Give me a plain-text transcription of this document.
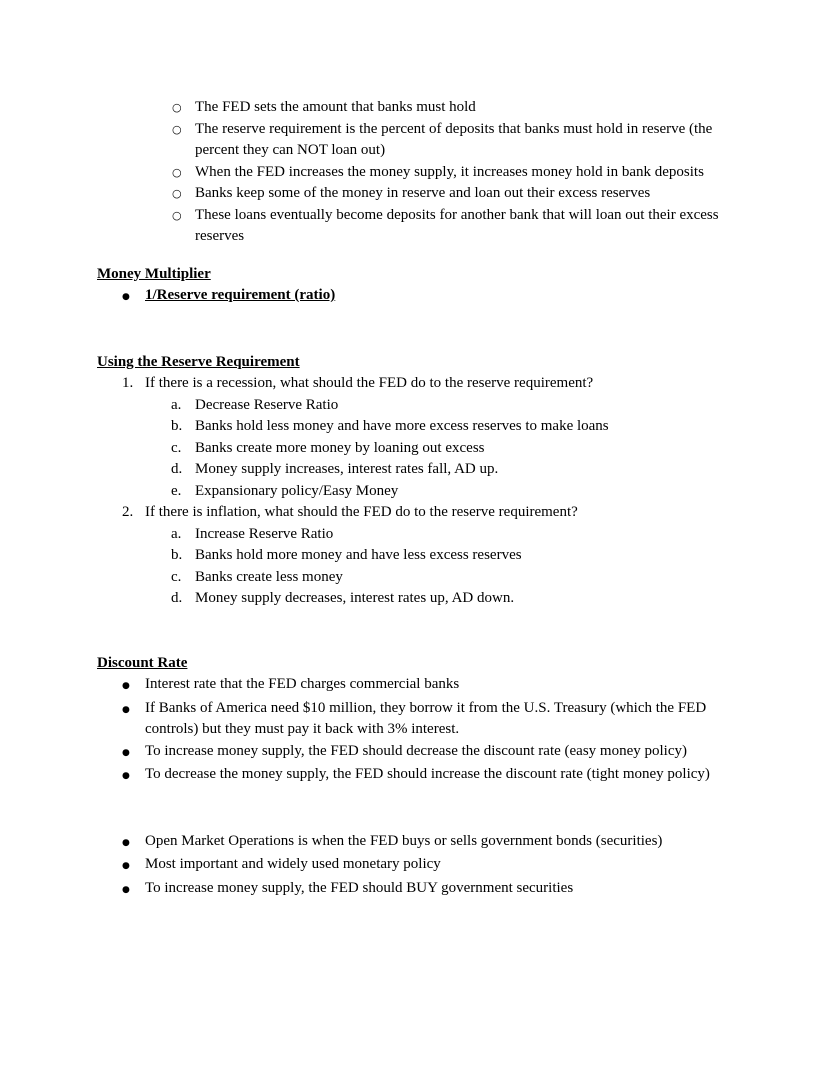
○ The FED sets the amount that banks must hold
○ The reserve requirement is the percent of deposits that banks must hold in reserve (the percent they can NOT loan out)
○ When the FED increases the money supply, it increases money hold in bank deposits
○ Banks keep some of the money in reserve and loan out their excess reserves
○ These loans eventually become deposits for another bank that will loan out their excess reserves
Money Multiplier
●	1/Reserve requirement (ratio)
Using the Reserve Requirement
1. If there is a recession, what should the FED do to the reserve requirement?
a. Decrease Reserve Ratio
b. Banks hold less money and have more excess reserves to make loans
c. Banks create more money by loaning out excess
d. Money supply increases, interest rates fall, AD up.
e. Expansionary policy/Easy Money
2. If there is inflation, what should the FED do to the reserve requirement?
a. Increase Reserve Ratio
b. Banks hold more money and have less excess reserves
c. Banks create less money
d. Money supply decreases, interest rates up, AD down.
Discount Rate
●	Interest rate that the FED charges commercial banks
●	If Banks of America need $10 million, they borrow it from the U.S. Treasury (which the FED controls) but they must pay it back with 3% interest.
●	To increase money supply, the FED should decrease the discount rate (easy money policy)
●	To decrease the money supply, the FED should increase the discount rate (tight money policy)
●	Open Market Operations is when the FED buys or sells government bonds (securities)
●	Most important and widely used monetary policy
●	To increase money supply, the FED should BUY government securities
